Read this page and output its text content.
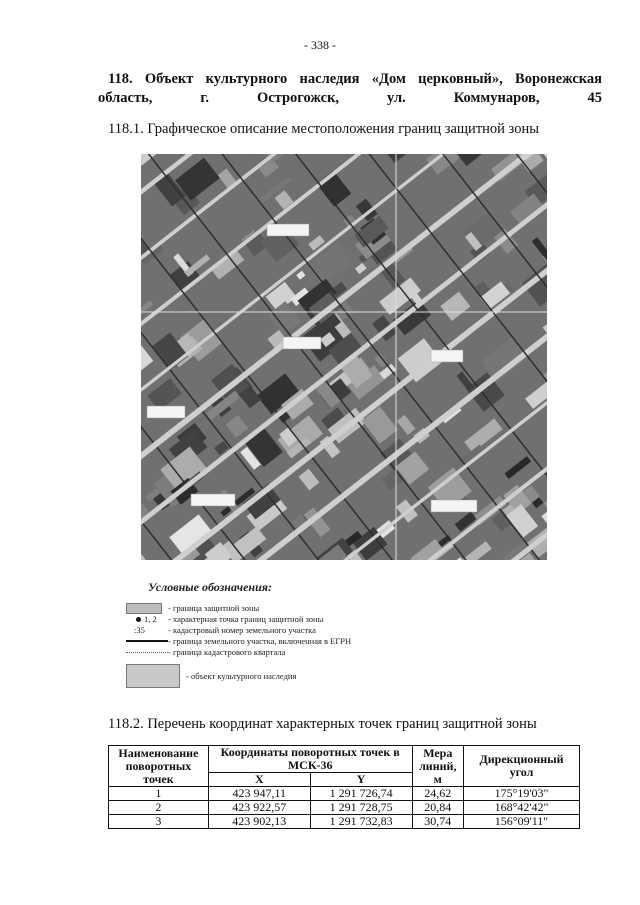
- 338 -
118. Объект культурного наследия «Дом церковный», Воронежская область, г. Острогожск, ул. Коммунаров, 45
118.1. Графическое описание местоположения границ защитной зоны
Условные обозначения:
- граница защитной зоны
1, 2 - характерная точка границ защитной зоны
:35	- кадастровый номер земельного участка
- граница земельного участка, включенная в ЕГРН
- граница кадастрового квартала
- объект культурного наследия
118.2. Перечень координат характерных точек границ защитной зоны
Наименование поворотных точек	Координаты поворотных точек в МСК-36		Мера линий, м	Дирекционный угол
	X	Y		
1	423 947,11	1 291 726,74	24,62	175°19'03"
2	423 922,57	1 291 728,75	20,84	168°42'42"
3	423 902,13	1 291 732,83	30,74	156°09'11"
